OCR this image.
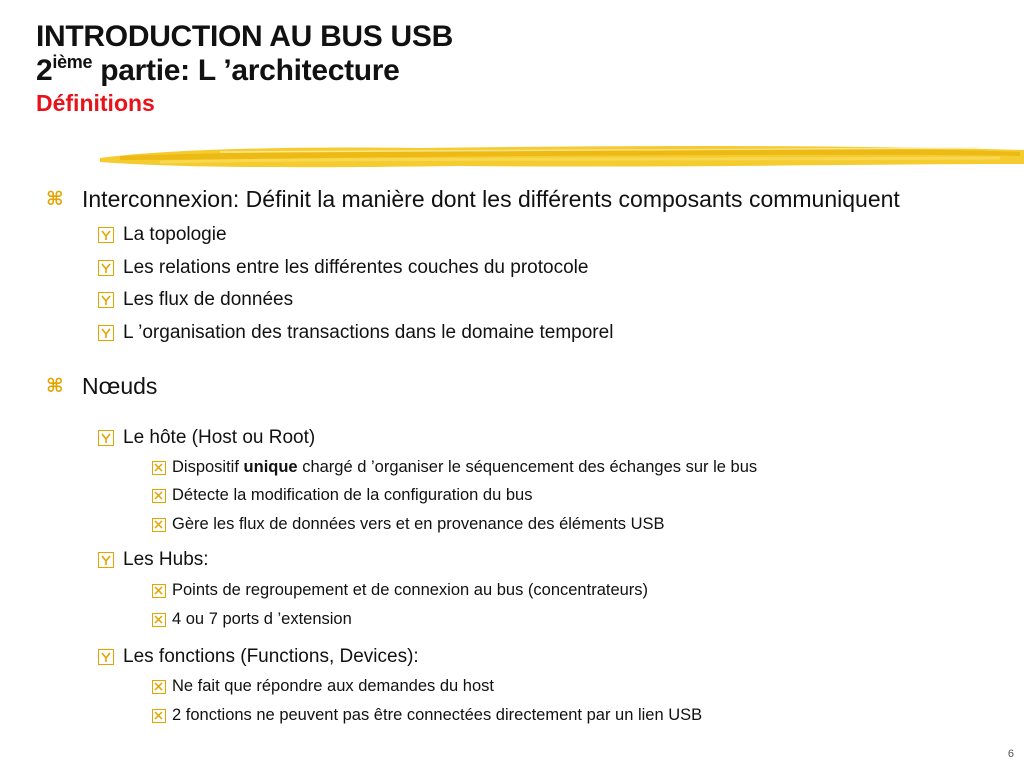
INTRODUCTION AU BUS USB
2ième partie: L ’architecture
Définitions
⌘ Interconnexion: Définit la manière dont les différents composants communiquent
La topologie
Les relations entre les différentes couches du protocole
Les flux de données
L ’organisation des transactions dans le domaine temporel
⌘ Nœuds
Le hôte (Host ou Root)
Dispositif unique chargé d ’organiser le séquencement des échanges sur le bus
Détecte la modification de la configuration du bus
Gère les flux de données vers et en provenance des éléments USB
Les Hubs:
Points de regroupement et de connexion au bus (concentrateurs)
4 ou 7 ports d ’extension
Les fonctions (Functions, Devices):
Ne fait que répondre aux demandes du host
2 fonctions ne peuvent pas être connectées directement par un lien USB
6
